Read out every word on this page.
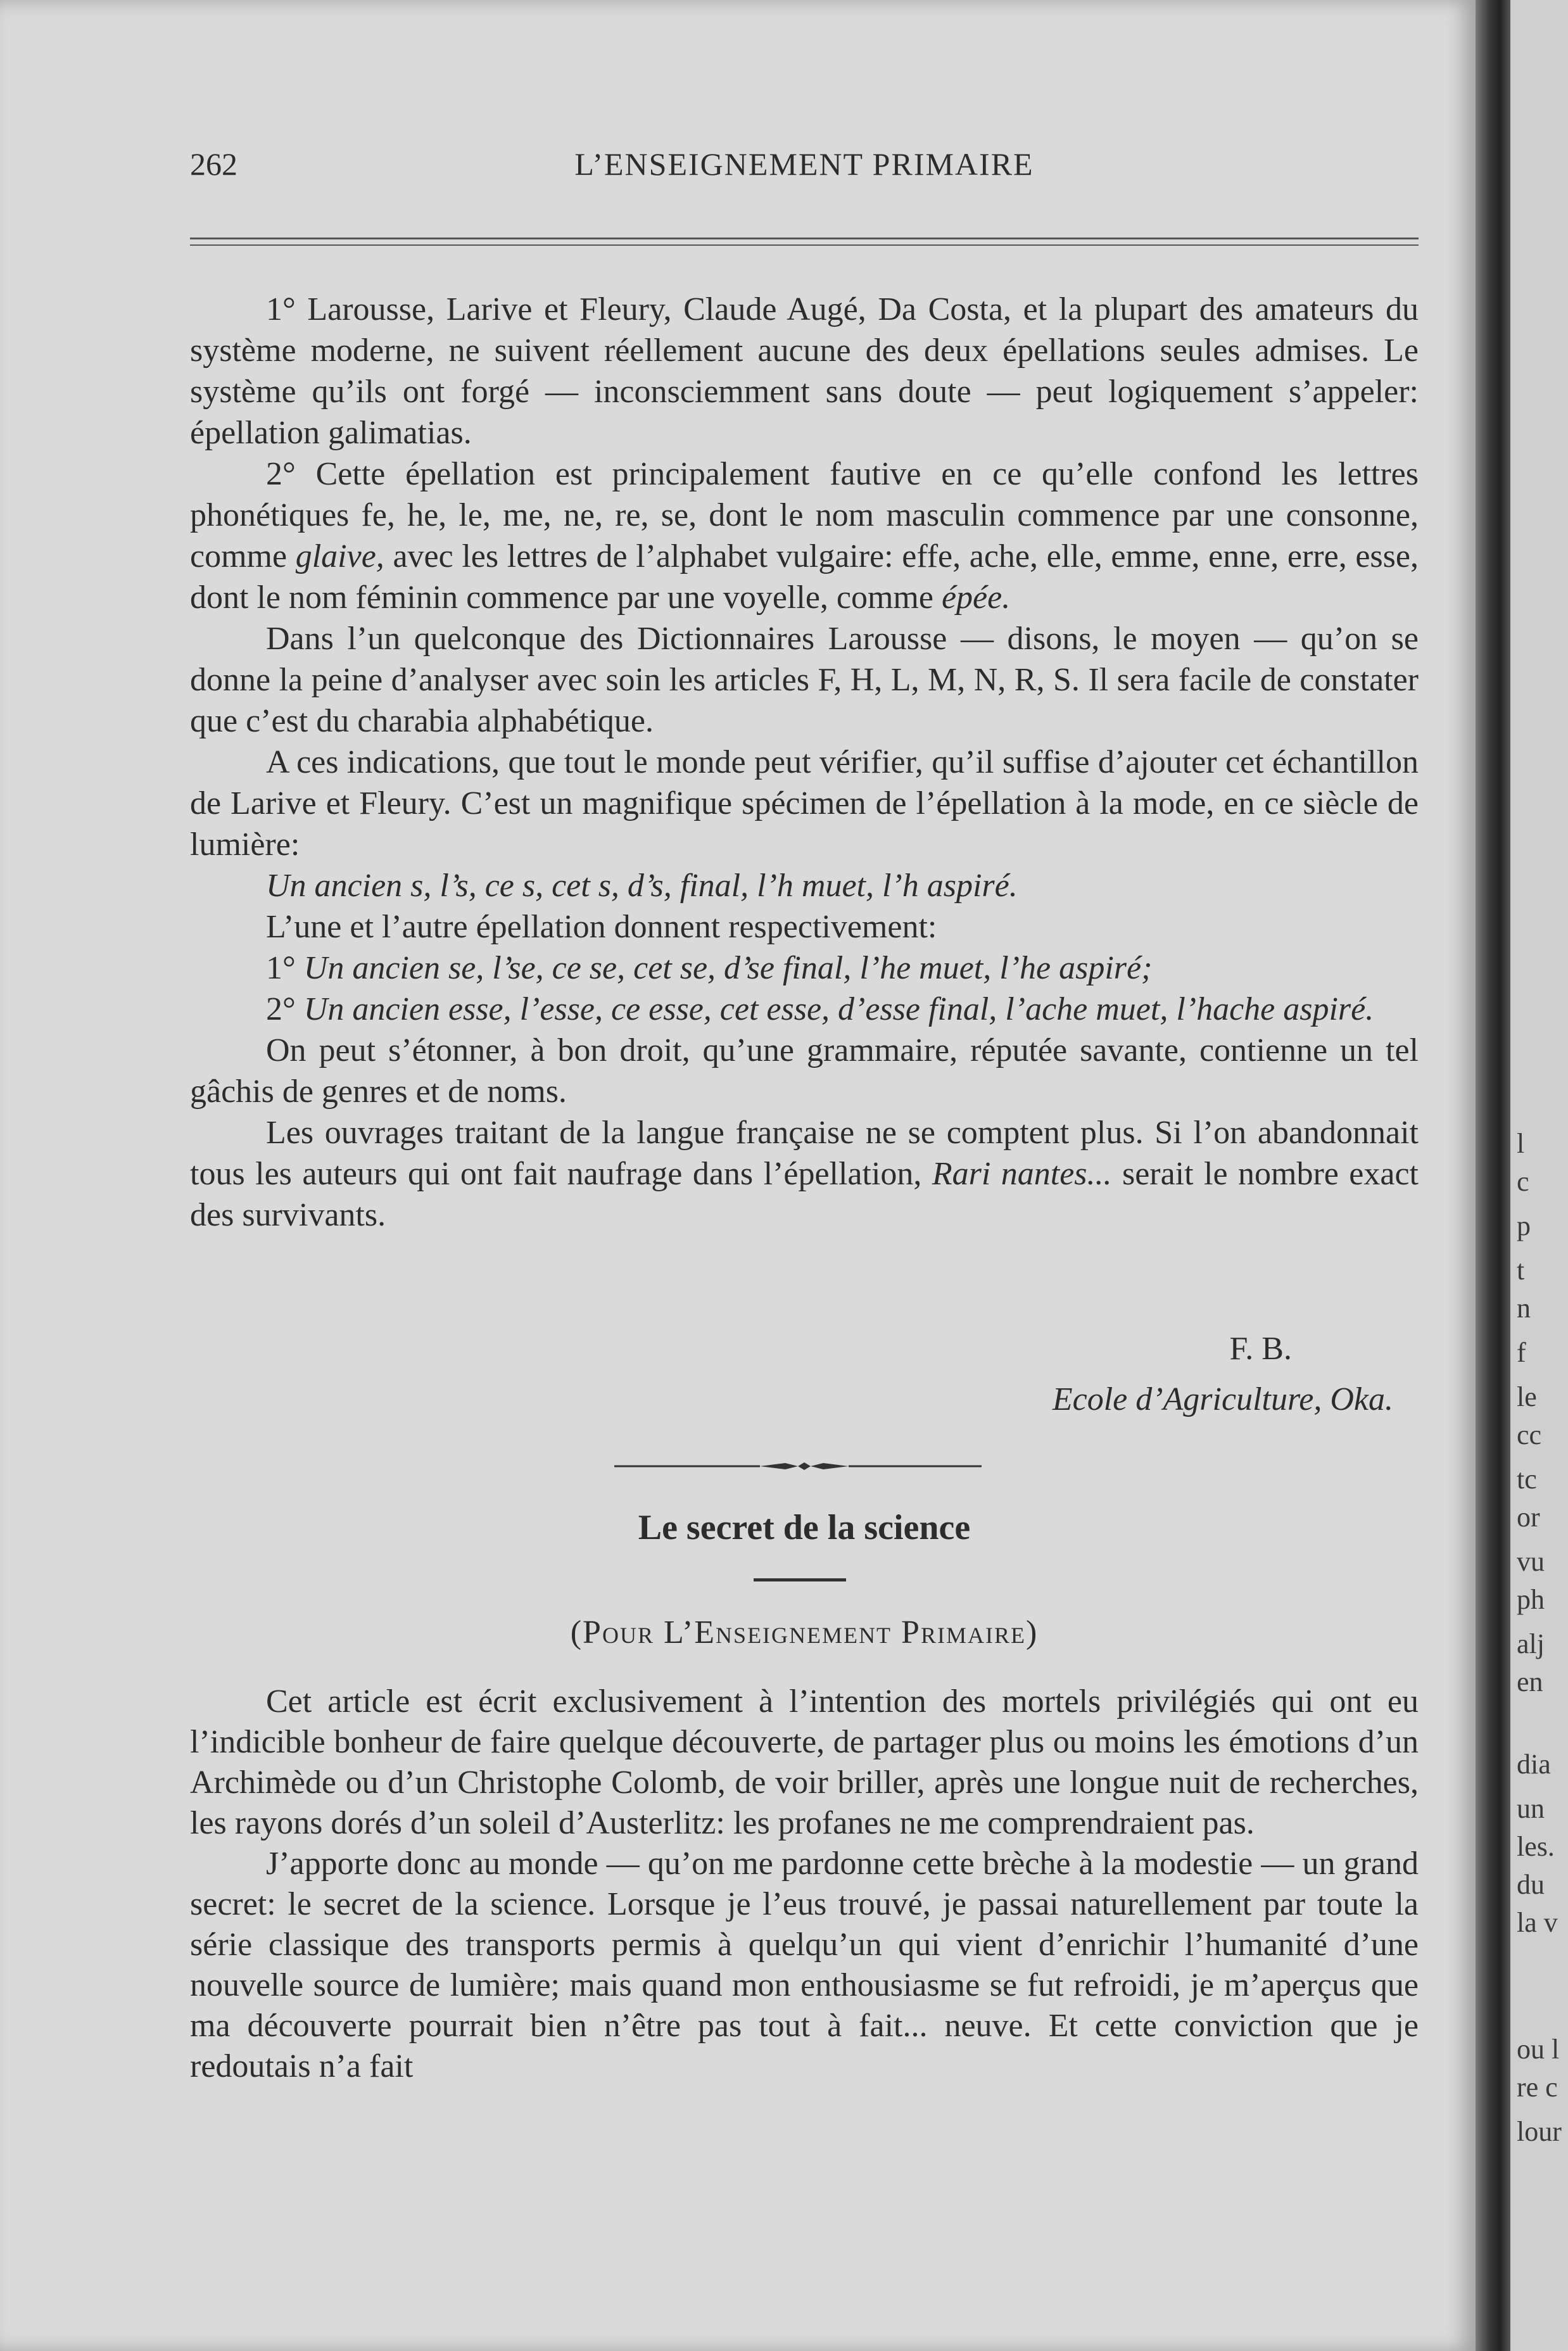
262	L’ENSEIGNEMENT PRIMAIRE

1° Larousse, Larive et Fleury, Claude Augé, Da Costa, et la plupart des amateurs du système moderne, ne suivent réellement aucune des deux épellations seules admises. Le système qu’ils ont forgé — inconsciemment sans doute — peut logiquement s’appeler: épellation galimatias.

2° Cette épellation est principalement fautive en ce qu’elle confond les lettres phonétiques fe, he, le, me, ne, re, se, dont le nom masculin commence par une consonne, comme glaive, avec les lettres de l’alphabet vulgaire: effe, ache, elle, emme, enne, erre, esse, dont le nom féminin commence par une voyelle, comme épée.

Dans l’un quelconque des Dictionnaires Larousse — disons, le moyen — qu’on se donne la peine d’analyser avec soin les articles F, H, L, M, N, R, S. Il sera facile de constater que c’est du charabia alphabétique.

A ces indications, que tout le monde peut vérifier, qu’il suffise d’ajouter cet échantillon de Larive et Fleury. C’est un magnifique spécimen de l’épellation à la mode, en ce siècle de lumière:

Un ancien s, l’s, ce s, cet s, d’s, final, l’h muet, l’h aspiré.

L’une et l’autre épellation donnent respectivement:

1° Un ancien se, l’se, ce se, cet se, d’se final, l’he muet, l’he aspiré;

2° Un ancien esse, l’esse, ce esse, cet esse, d’esse final, l’ache muet, l’hache aspiré.

On peut s’étonner, à bon droit, qu’une grammaire, réputée savante, contienne un tel gâchis de genres et de noms.

Les ouvrages traitant de la langue française ne se comptent plus. Si l’on abandonnait tous les auteurs qui ont fait naufrage dans l’épellation, Rari nantes... serait le nombre exact des survivants.

F. B.
Ecole d’Agriculture, Oka.
Le secret de la science
(Pour L’Enseignement Primaire)

Cet article est écrit exclusivement à l’intention des mortels privilégiés qui ont eu l’indicible bonheur de faire quelque découverte, de partager plus ou moins les émotions d’un Archimède ou d’un Christophe Colomb, de voir briller, après une longue nuit de recherches, les rayons dorés d’un soleil d’Austerlitz: les profanes ne me comprendraient pas.

J’apporte donc au monde — qu’on me pardonne cette brèche à la modestie — un grand secret: le secret de la science. Lorsque je l’eus trouvé, je passai naturellement par toute la série classique des transports permis à quelqu’un qui vient d’enrichir l’humanité d’une nouvelle source de lumière; mais quand mon enthousiasme se fut refroidi, je m’aperçus que ma découverte pourrait bien n’être pas tout à fait... neuve. Et cette conviction que je redoutais n’a fait

l
c
p
t
n
f
le
cc
tc
or
vu
ph
alj
en
dia
un
les.
du
la v
ou l
re c
lour
